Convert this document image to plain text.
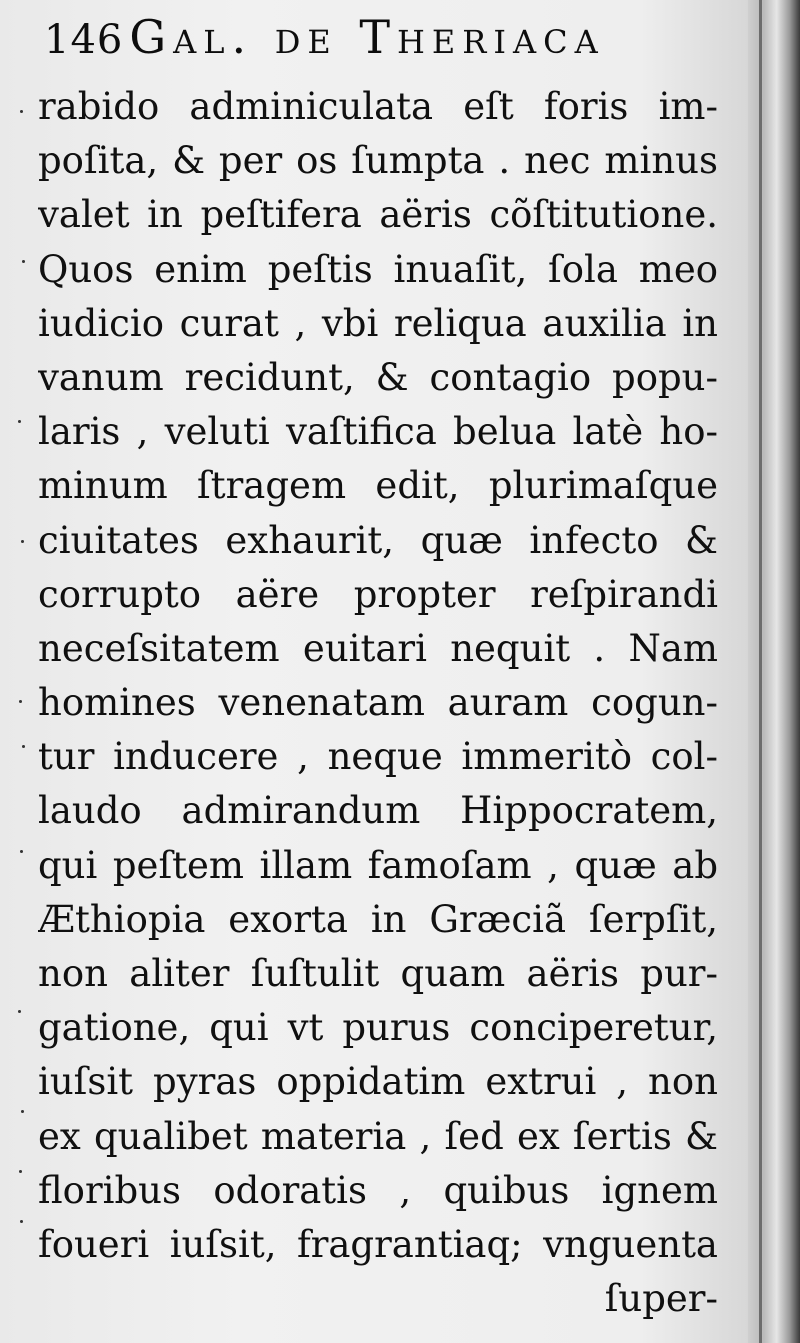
146 Gal. de Theriaca
rabido adminiculata eſt foris im-
poſita, & per os ſumpta . nec minus
valet in peſtifera aëris cõſtitutione.
Quos enim peſtis inuaſit, ſola meo
iudicio curat , vbi reliqua auxilia in
vanum recidunt, & contagio popu-
laris , veluti vaſtifica belua latè ho-
minum ſtragem edit, plurimaſque
ciuitates exhaurit, quæ infecto &
corrupto aëre propter reſpirandi
neceſsitatem euitari nequit . Nam
homines venenatam auram cogun-
tur inducere , neque immeritò col-
laudo admirandum Hippocratem,
qui peſtem illam famoſam , quæ ab
Æthiopia exorta in Græciã ſerpſit,
non aliter ſuſtulit quam aëris pur-
gatione, qui vt purus conciperetur,
iuſsit pyras oppidatim extrui , non
ex qualibet materia , ſed ex ſertis &
floribus odoratis , quibus ignem
foueri iuſsit, fragrantiaq; vnguenta
ſuper-
